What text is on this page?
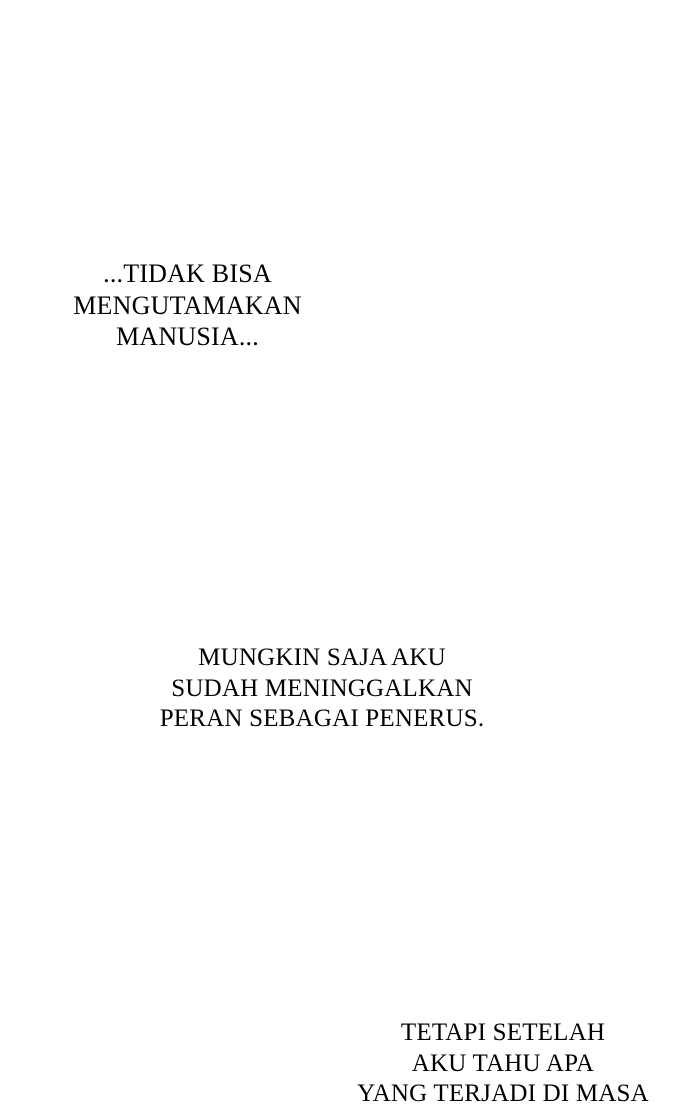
...TIDAK BISA
MENGUTAMAKAN
MANUSIA...
MUNGKIN SAJA AKU
SUDAH MENINGGALKAN
PERAN SEBAGAI PENERUS.
TETAPI SETELAH
AKU TAHU APA
YANG TERJADI DI MASA
